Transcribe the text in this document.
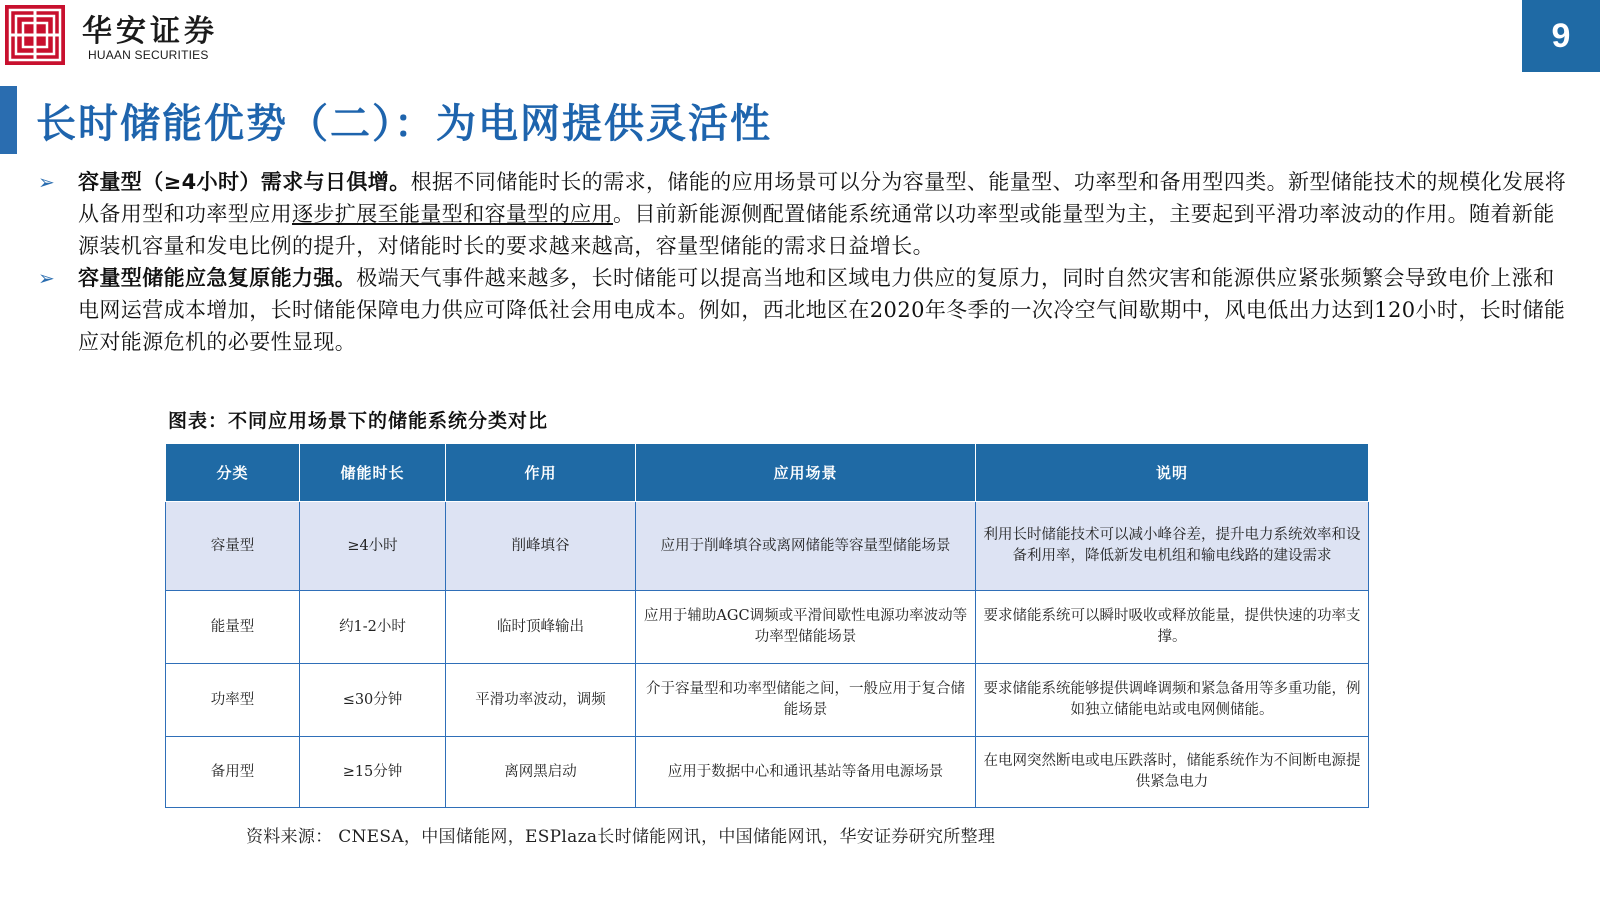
华安证券
HUAAN SECURITIES
9
长时储能优势（二）：为电网提供灵活性
➢ 容量型（≥4小时）需求与日俱增。根据不同储能时长的需求，储能的应用场景可以分为容量型、能量型、功率型和备用型四类。新型储能技术的规模化发展将从备用型和功率型应用逐步扩展至能量型和容量型的应用。目前新能源侧配置储能系统通常以功率型或能量型为主，主要起到平滑功率波动的作用。随着新能源装机容量和发电比例的提升，对储能时长的要求越来越高，容量型储能的需求日益增长。
➢ 容量型储能应急复原能力强。极端天气事件越来越多，长时储能可以提高当地和区域电力供应的复原力，同时自然灾害和能源供应紧张频繁会导致电价上涨和电网运营成本增加，长时储能保障电力供应可降低社会用电成本。例如，西北地区在2020年冬季的一次冷空气间歇期中，风电低出力达到120小时，长时储能应对能源危机的必要性显现。
图表：不同应用场景下的储能系统分类对比
分类	储能时长	作用	应用场景	说明
容量型	≥4小时	削峰填谷	应用于削峰填谷或离网储能等容量型储能场景	利用长时储能技术可以减小峰谷差，提升电力系统效率和设备利用率，降低新发电机组和输电线路的建设需求
能量型	约1-2小时	临时顶峰输出	应用于辅助AGC调频或平滑间歇性电源功率波动等功率型储能场景	要求储能系统可以瞬时吸收或释放能量，提供快速的功率支撑。
功率型	≤30分钟	平滑功率波动，调频	介于容量型和功率型储能之间，一般应用于复合储能场景	要求储能系统能够提供调峰调频和紧急备用等多重功能，例如独立储能电站或电网侧储能。
备用型	≥15分钟	离网黑启动	应用于数据中心和通讯基站等备用电源场景	在电网突然断电或电压跌落时，储能系统作为不间断电源提供紧急电力
资料来源： CNESA，中国储能网，ESPlaza长时储能网讯，中国储能网讯，华安证券研究所整理
